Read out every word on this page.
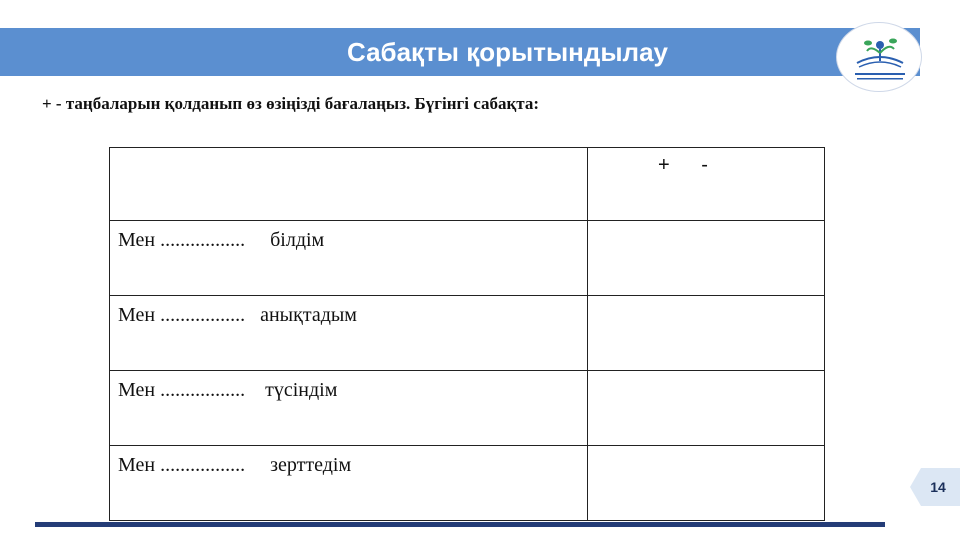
Сабақты қорытындылау
+ - таңбаларын қолданып өз өзіңізді бағалаңыз. Бүгінгі сабақта:
	+ -
Мен .................     білдім	
Мен .................   анықтадым	
Мен .................    түсіндім	
Мен .................     зерттедім	
14
